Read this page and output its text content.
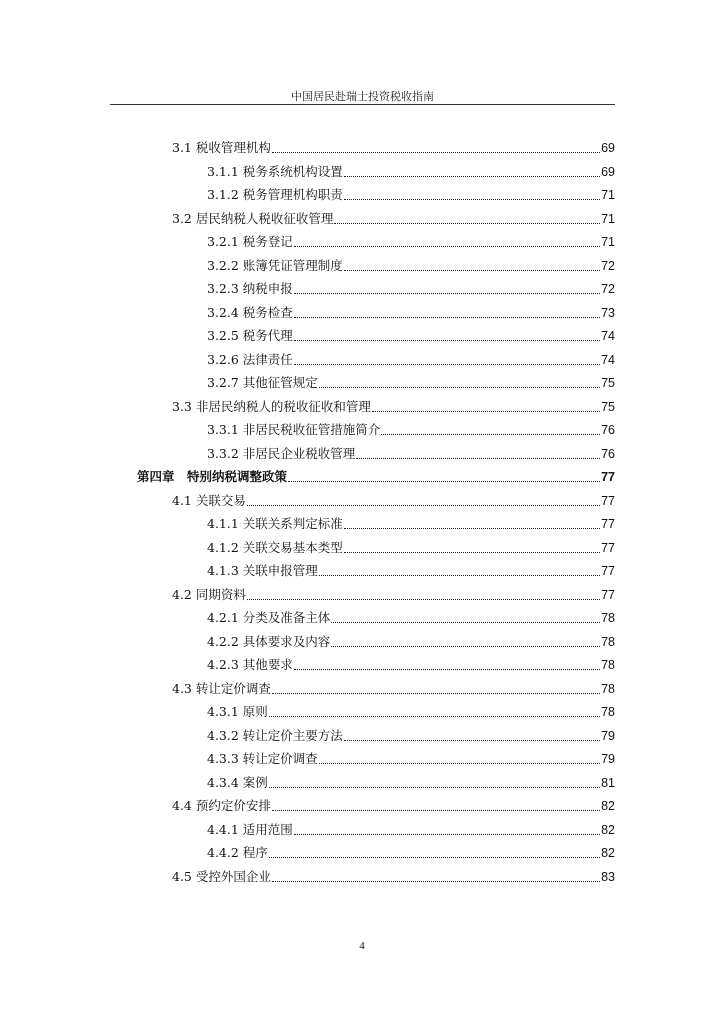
中国居民赴瑞士投资税收指南
3.1 税收管理机构	69
3.1.1 税务系统机构设置	69
3.1.2 税务管理机构职责	71
3.2 居民纳税人税收征收管理	71
3.2.1 税务登记	71
3.2.2 账簿凭证管理制度	72
3.2.3 纳税申报	72
3.2.4 税务检查	73
3.2.5 税务代理	74
3.2.6 法律责任	74
3.2.7 其他征管规定	75
3.3 非居民纳税人的税收征收和管理	75
3.3.1 非居民税收征管措施简介	76
3.3.2 非居民企业税收管理	76
第四章　特别纳税调整政策	77
4.1 关联交易	77
4.1.1 关联关系判定标准	77
4.1.2 关联交易基本类型	77
4.1.3 关联申报管理	77
4.2 同期资料	77
4.2.1 分类及准备主体	78
4.2.2 具体要求及内容	78
4.2.3 其他要求	78
4.3 转让定价调查	78
4.3.1 原则	78
4.3.2 转让定价主要方法	79
4.3.3 转让定价调查	79
4.3.4 案例	81
4.4 预约定价安排	82
4.4.1 适用范围	82
4.4.2 程序	82
4.5 受控外国企业	83
4
